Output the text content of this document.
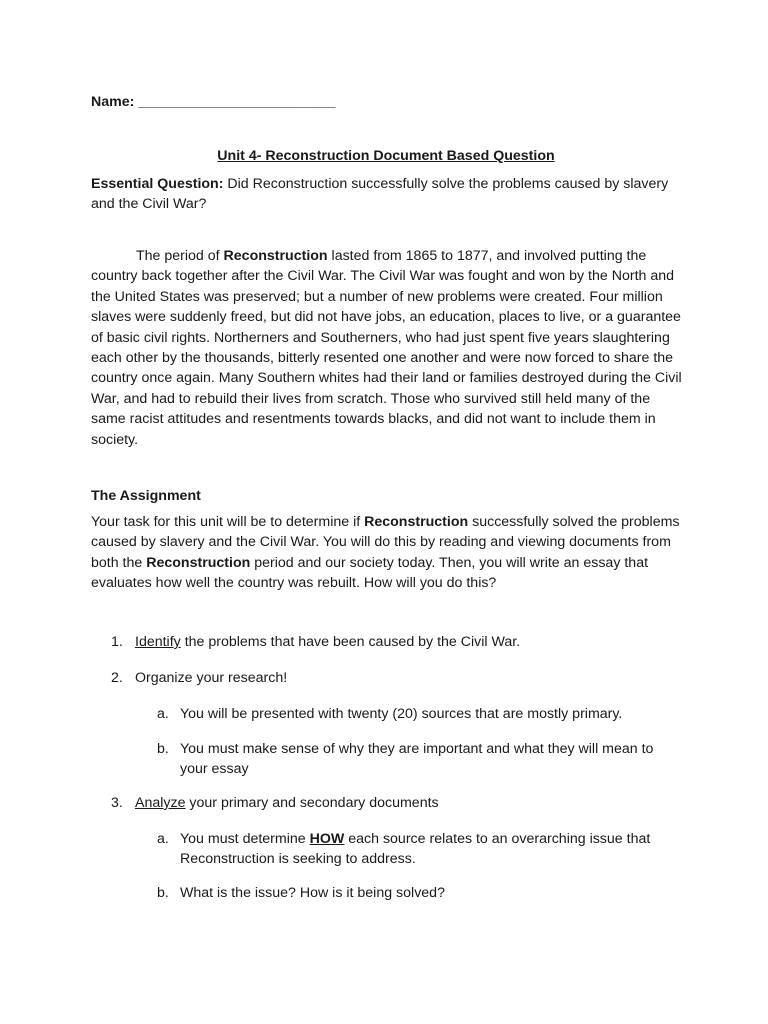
Name: _________________________
Unit 4- Reconstruction Document Based Question
Essential Question: Did Reconstruction successfully solve the problems caused by slavery and the Civil War?
The period of Reconstruction lasted from 1865 to 1877, and involved putting the country back together after the Civil War. The Civil War was fought and won by the North and the United States was preserved; but a number of new problems were created. Four million slaves were suddenly freed, but did not have jobs, an education, places to live, or a guarantee of basic civil rights. Northerners and Southerners, who had just spent five years slaughtering each other by the thousands, bitterly resented one another and were now forced to share the country once again. Many Southern whites had their land or families destroyed during the Civil War, and had to rebuild their lives from scratch. Those who survived still held many of the same racist attitudes and resentments towards blacks, and did not want to include them in society.
The Assignment
Your task for this unit will be to determine if Reconstruction successfully solved the problems caused by slavery and the Civil War. You will do this by reading and viewing documents from both the Reconstruction period and our society today. Then, you will write an essay that evaluates how well the country was rebuilt. How will you do this?
1. Identify the problems that have been caused by the Civil War.
2. Organize your research!
a. You will be presented with twenty (20) sources that are mostly primary.
b. You must make sense of why they are important and what they will mean to your essay
3. Analyze your primary and secondary documents
a. You must determine HOW each source relates to an overarching issue that Reconstruction is seeking to address.
b. What is the issue? How is it being solved?
